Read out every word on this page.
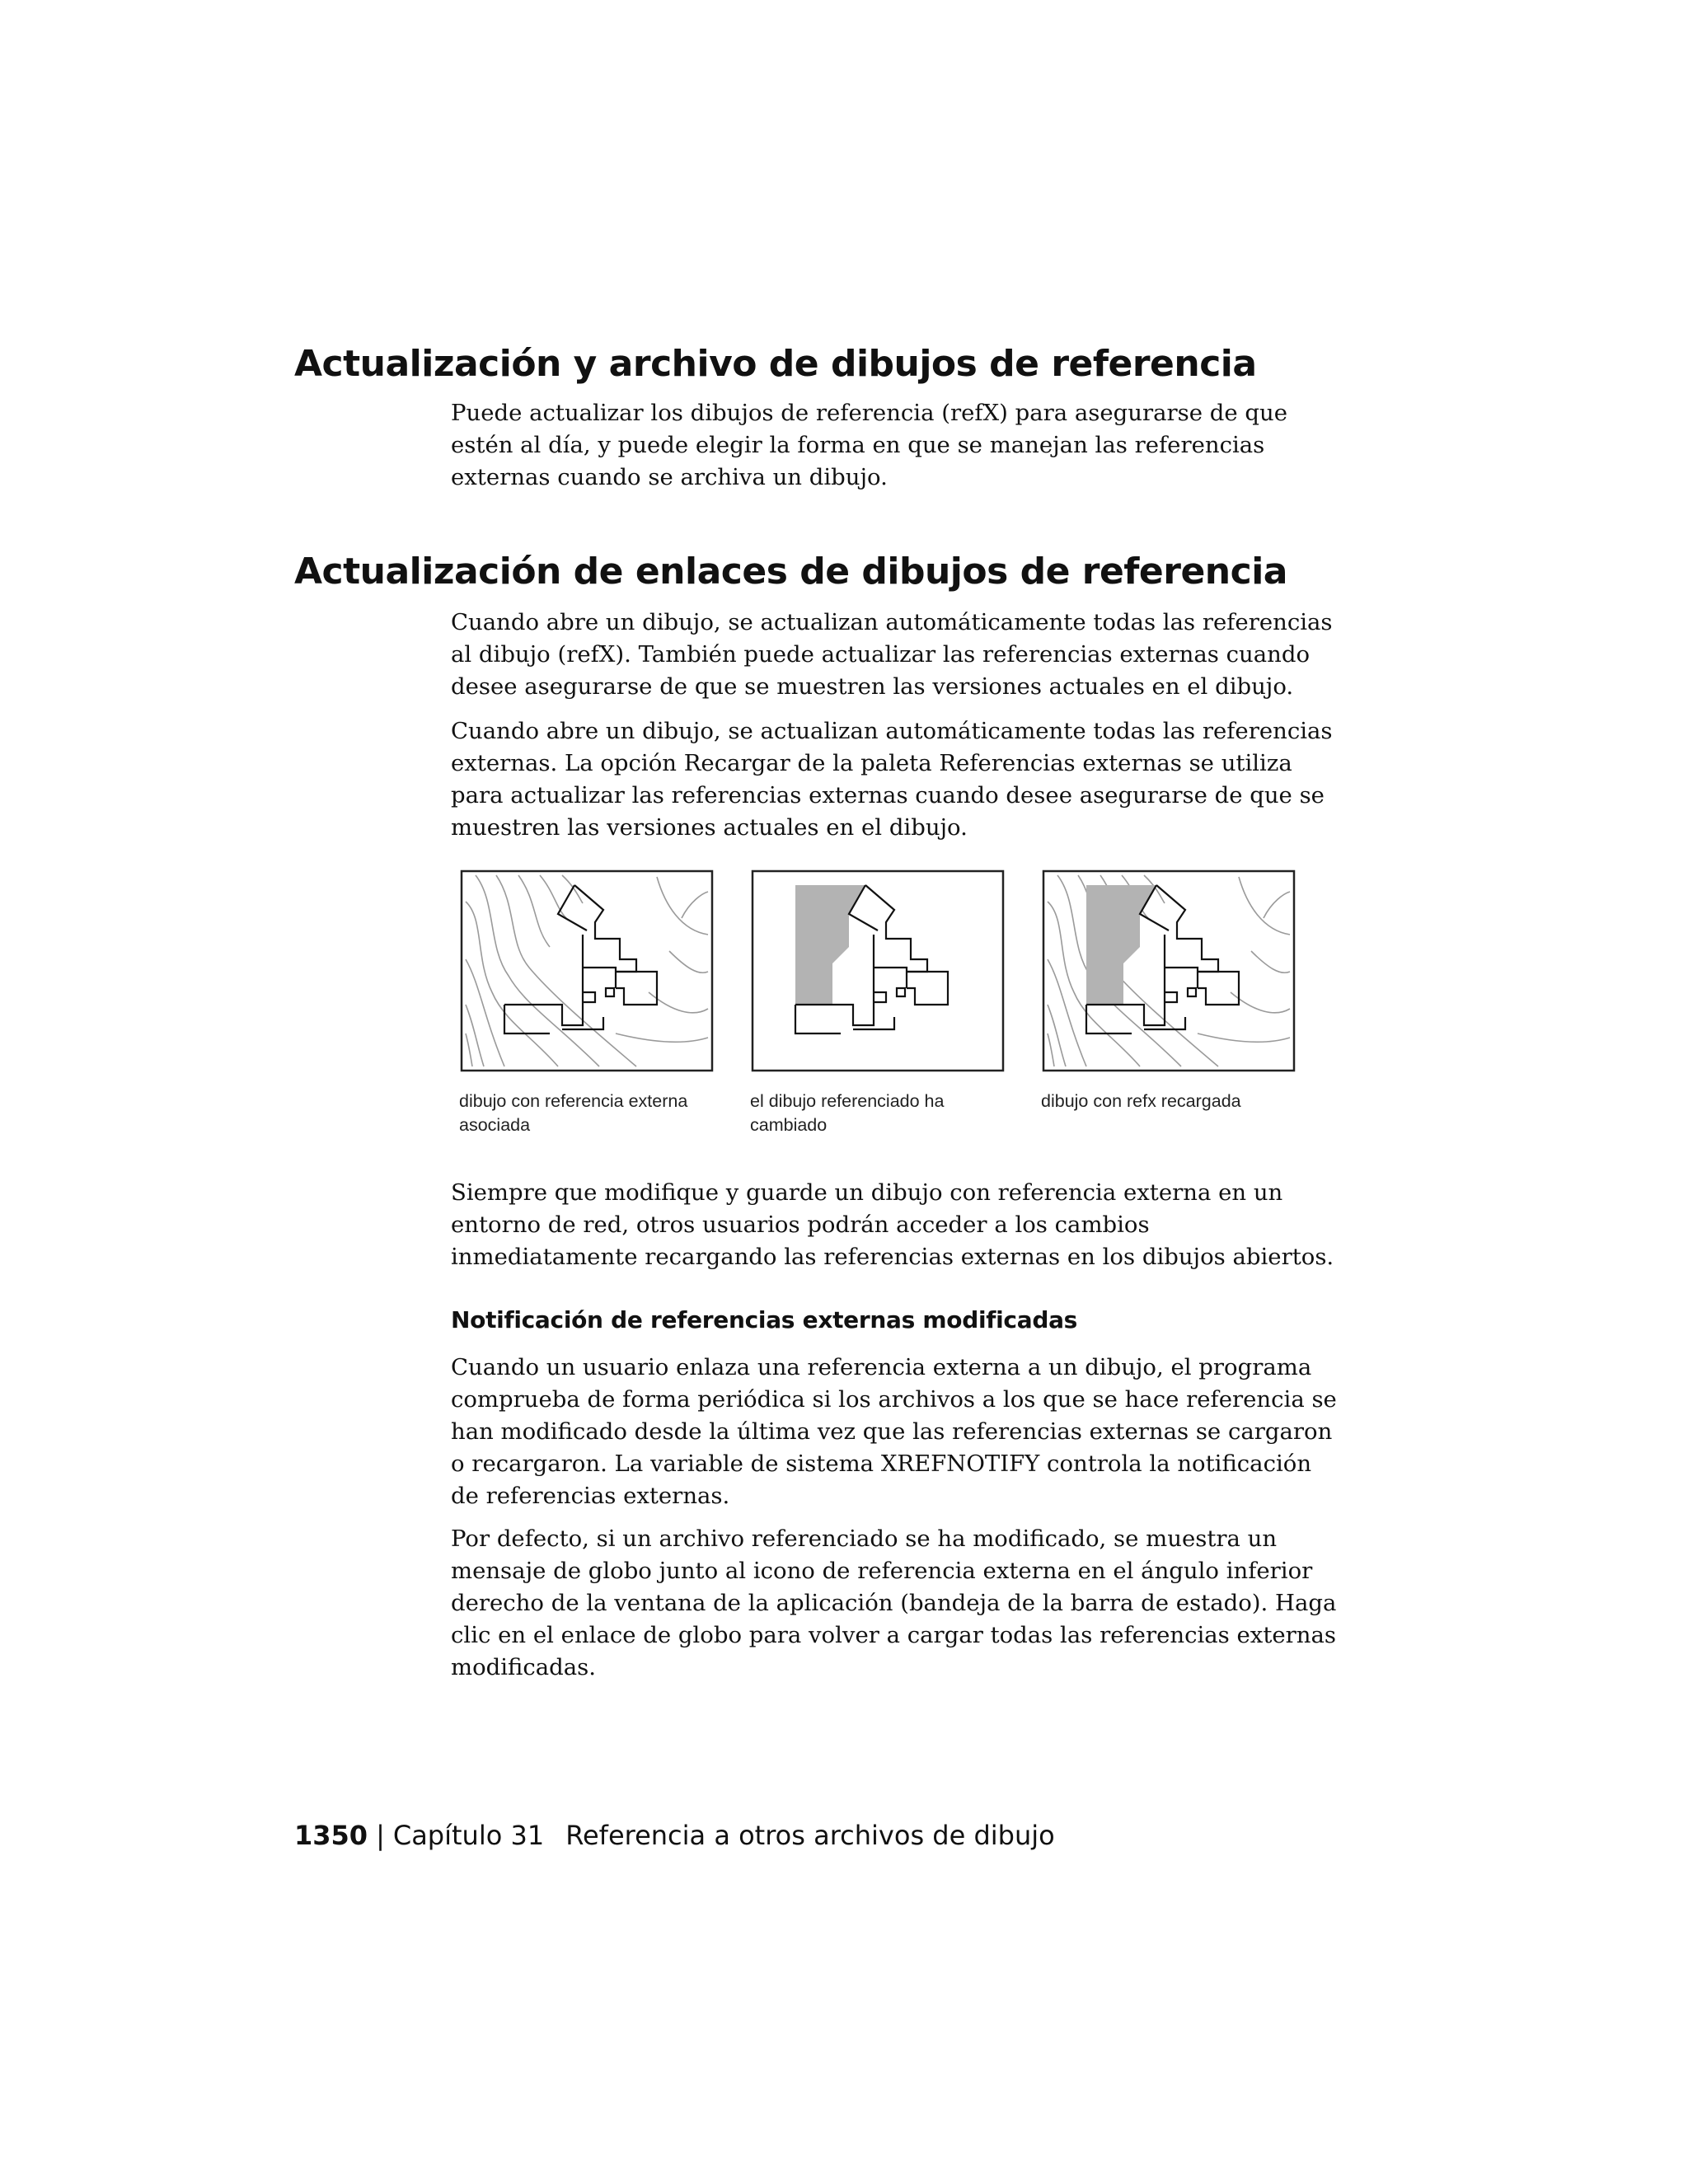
Actualización y archivo de dibujos de referencia

Puede actualizar los dibujos de referencia (refX) para asegurarse de que estén al día, y puede elegir la forma en que se manejan las referencias externas cuando se archiva un dibujo.

Actualización de enlaces de dibujos de referencia

Cuando abre un dibujo, se actualizan automáticamente todas las referencias al dibujo (refX). También puede actualizar las referencias externas cuando desee asegurarse de que se muestren las versiones actuales en el dibujo.

Cuando abre un dibujo, se actualizan automáticamente todas las referencias externas. La opción Recargar de la paleta Referencias externas se utiliza para actualizar las referencias externas cuando desee asegurarse de que se muestren las versiones actuales en el dibujo.

dibujo con referencia externa asociada
el dibujo referenciado ha cambiado
dibujo con refx recargada

Siempre que modifique y guarde un dibujo con referencia externa en un entorno de red, otros usuarios podrán acceder a los cambios inmediatamente recargando las referencias externas en los dibujos abiertos.

Notificación de referencias externas modificadas

Cuando un usuario enlaza una referencia externa a un dibujo, el programa comprueba de forma periódica si los archivos a los que se hace referencia se han modificado desde la última vez que las referencias externas se cargaron o recargaron. La variable de sistema XREFNOTIFY controla la notificación de referencias externas.

Por defecto, si un archivo referenciado se ha modificado, se muestra un mensaje de globo junto al icono de referencia externa en el ángulo inferior derecho de la ventana de la aplicación (bandeja de la barra de estado). Haga clic en el enlace de globo para volver a cargar todas las referencias externas modificadas.

1350 | Capítulo 31 Referencia a otros archivos de dibujo
